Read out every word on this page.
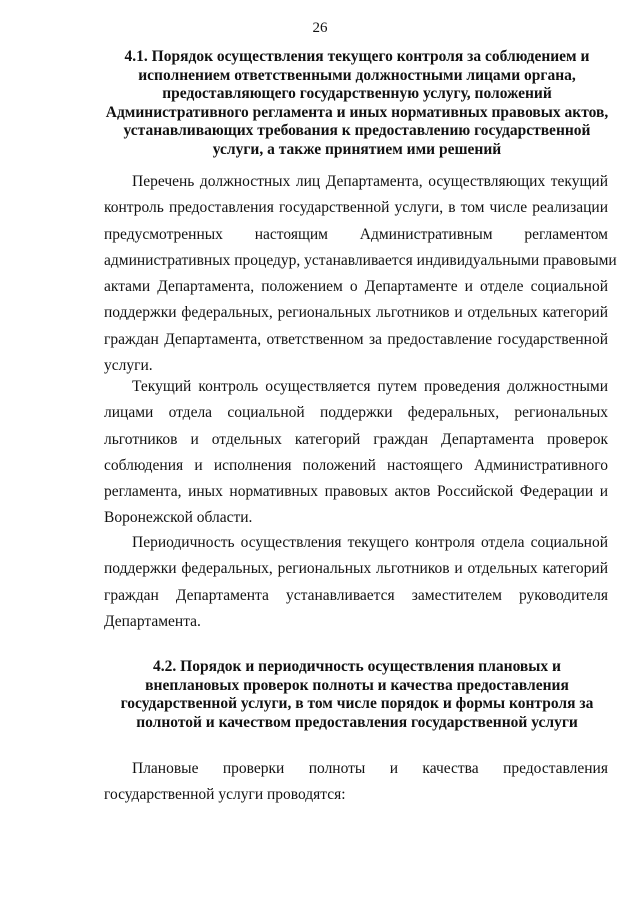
26
4.1. Порядок осуществления текущего контроля за соблюдением и
исполнением ответственными должностными лицами органа,
предоставляющего государственную услугу, положений
Административного регламента и иных нормативных правовых актов,
устанавливающих требования к предоставлению государственной
услуги, а также принятием ими решений
Перечень должностных лиц Департамента, осуществляющих текущий
контроль предоставления государственной услуги, в том числе реализации
предусмотренных настоящим Административным регламентом
административных процедур, устанавливается индивидуальными правовыми
актами Департамента, положением о Департаменте и отделе социальной
поддержки федеральных, региональных льготников и отдельных категорий
граждан Департамента, ответственном за предоставление государственной
услуги.
Текущий контроль осуществляется путем проведения должностными
лицами отдела социальной поддержки федеральных, региональных
льготников и отдельных категорий граждан Департамента проверок
соблюдения и исполнения положений настоящего Административного
регламента, иных нормативных правовых актов Российской Федерации и
Воронежской области.
Периодичность осуществления текущего контроля отдела социальной
поддержки федеральных, региональных льготников и отдельных категорий
граждан Департамента устанавливается заместителем руководителя
Департамента.
4.2. Порядок и периодичность осуществления плановых и
внеплановых проверок полноты и качества предоставления
государственной услуги, в том числе порядок и формы контроля за
полнотой и качеством предоставления государственной услуги
Плановые проверки полноты и качества предоставления
государственной услуги проводятся:
